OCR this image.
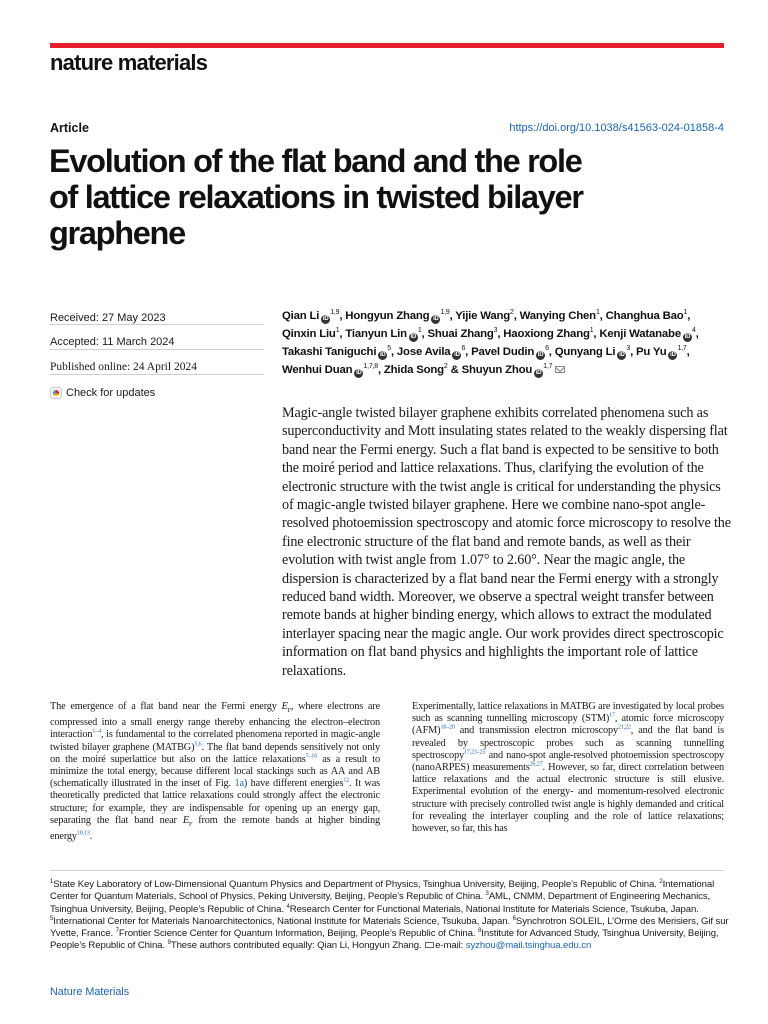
nature materials
Article	https://doi.org/10.1038/s41563-024-01858-4
Evolution of the flat band and the role
of lattice relaxations in twisted bilayer
graphene
Received: 27 May 2023
Accepted: 11 March 2024
Published online: 24 April 2024
Check for updates
Qian Li iD$^{1,9}$, Hongyun Zhang iD$^{1,9}$, Yijie Wang$^2$, Wanying Chen$^1$, Changhua Bao$^1$, Qinxin Liu$^1$, Tianyun Lin $iD^1$, Shuai Zhang$^3$, Haoxiong Zhang$^1$, Kenji Watanabe $iD^4$, Takashi Taniguchi $iD^5$, Jose Avila $iD^6$, Pavel Dudin $iD^6$, Qunyang Li $iD^3$, Pu Yu iD$^{1,7}$, Wenhui Duan iD$^{1,7,8}$, Zhida Song$^2$ & Shuyun Zhou iD$^{1,7}$

Magic-angle twisted bilayer graphene exhibits correlated phenomena such as superconductivity and Mott insulating states related to the weakly dispersing flat band near the Fermi energy. Such a flat band is expected to be sensitive to both the moiré period and lattice relaxations. Thus, clarifying the evolution of the electronic structure with the twist angle is critical for understanding the physics of magic-angle twisted bilayer graphene. Here we combine nano-spot angle-resolved photoemission spectroscopy and atomic force microscopy to resolve the fine electronic structure of the flat band and remote bands, as well as their evolution with twist angle from 1.07° to 2.60°. Near the magic angle, the dispersion is characterized by a flat band near the Fermi energy with a strongly reduced band width. Moreover, we observe a spectral weight transfer between remote bands at higher binding energy, which allows to extract the modulated interlayer spacing near the magic angle. Our work provides direct spectroscopic information on flat band physics and highlights the important role of lattice relaxations.

The emergence of a flat band near the Fermi energy $E_F$, where electrons are compressed into a small energy range thereby enhancing the electron–electron interaction$^{1-4}$, is fundamental to the correlated phenomena reported in magic-angle twisted bilayer graphene (MATBG)$^{5,6}$. The flat band depends sensitively not only on the moiré superlattice but also on the lattice relaxations$^{7-16}$ as a result to minimize the total energy, because different local stackings such as AA and AB (schematically illustrated in the inset of Fig. 1a) have different energies$^{12}$. It was theoretically predicted that lattice relaxations could strongly affect the electronic structure; for example, they are indispensable for opening up an energy gap, separating the flat band near $E_F$ from the remote bands at higher binding energy$^{10,13}$.

Experimentally, lattice relaxations in MATBG are investigated by local probes such as scanning tunnelling microscopy (STM)$^{17}$, atomic force microscopy (AFM)$^{18-20}$ and transmission electron microscopy$^{21,22}$, and the flat band is revealed by spectroscopic probes such as scanning tunnelling spectroscopy$^{17,23-25}$ and nano-spot angle-resolved photoemission spectroscopy (nanoARPES) measurements$^{26,27}$. However, so far, direct correlation between lattice relaxations and the actual electronic structure is still elusive. Experimental evolution of the energy- and momentum-resolved electronic structure with precisely controlled twist angle is highly demanded and critical for revealing the interlayer coupling and the role of lattice relaxations; however, so far, this has

$^1$State Key Laboratory of Low-Dimensional Quantum Physics and Department of Physics, Tsinghua University, Beijing, People’s Republic of China. $^2$International Center for Quantum Materials, School of Physics, Peking University, Beijing, People’s Republic of China. $^3$AML, CNMM, Department of Engineering Mechanics, Tsinghua University, Beijing, People’s Republic of China. $^4$Research Center for Functional Materials, National Institute for Materials Science, Tsukuba, Japan. $^5$International Center for Materials Nanoarchitectonics, National Institute for Materials Science, Tsukuba, Japan. $^6$Synchrotron SOLEIL, L’Orme des Merisiers, Gif sur Yvette, France. $^7$Frontier Science Center for Quantum Information, Beijing, People’s Republic of China. $^8$Institute for Advanced Study, Tsinghua University, Beijing, People’s Republic of China. $^9$These authors contributed equally: Qian Li, Hongyun Zhang. e-mail: syzhou@mail.tsinghua.edu.cn
Nature Materials
